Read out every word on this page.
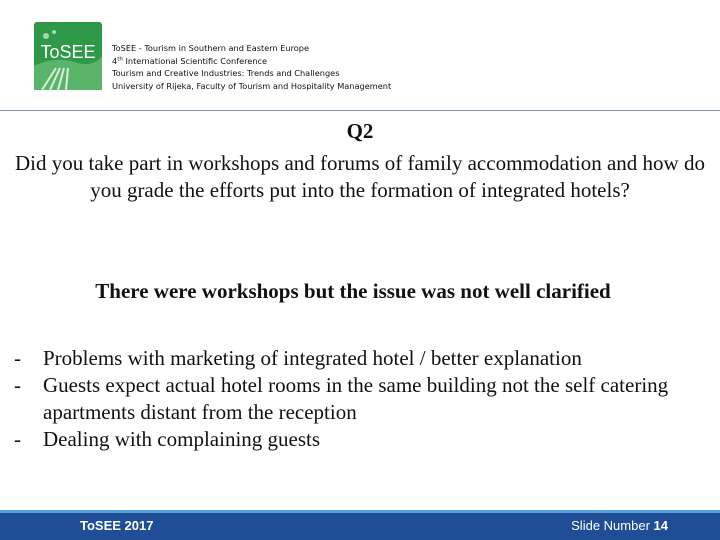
ToSEE ToSEE - Tourism in Southern and Eastern Europe
4th International Scientific Conference
Tourism and Creative Industries: Trends and Challenges
University of Rijeka, Faculty of Tourism and Hospitality Management
Q2
Did you take part in workshops and forums of family accommodation and how do you grade the efforts put into the formation of integrated hotels?
There were workshops but the issue was not well clarified
- Problems with marketing of integrated hotel / better explanation
- Guests expect actual hotel rooms in the same building not the self catering apartments distant from the reception
- Dealing with complaining guests
ToSEE 2017	Slide Number 14
